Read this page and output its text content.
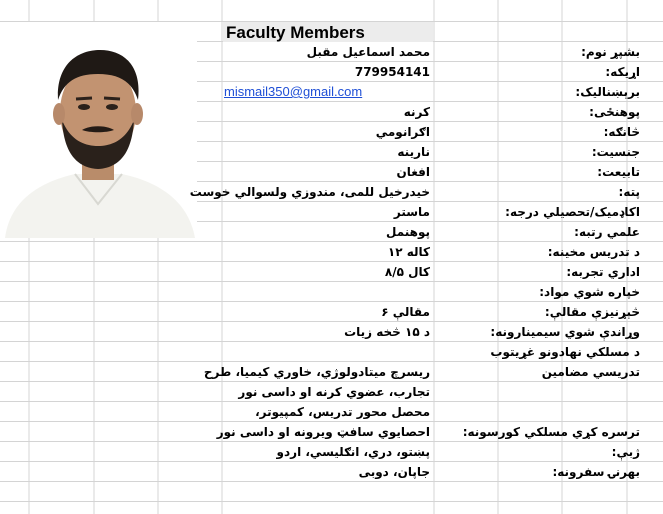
Faculty Members
بشپړ نوم:
محمد اسماعیل مقبل
اړیکه:
779954141
برېښنالیک:
mismail350@gmail.com
پوهنځی:
کرنه
څانګه:
اګرانومي
جنسیت:
نارینه
تابیعت:
افغان
پته:
خیدرخیل للمی، مندوزي ولسوالي خوست
اکاډمیک/تحصیلي درجه:
ماستر
علمي رتبه:
پوهنمل
د تدریس مخینه:
کاله ۱۲
اداري تجربه:
کال ۸/۵
خپاره شوي مواد:
څېړنیزې مقالې:
مقالې ۶
وړاندې شوي سیمینارونه:
د ۱۵ څخه زیات
د مسلکي نهادونو غړیتوب
تدریسي مضامین
ریسرچ میتادولوژي، خاوري کیمیا، طرح
تجارب، عضوي کرنه او داسی نور
محصل محور تدریس، کمپیوتر،
ترسره کړي مسلکي کورسونه:
احصایوي سافټ ویرونه او داسی نور
ژبې:
پښتو، دري، انګلیسي، اردو
بهرنۍ سفرونه:
جاپان، دوبی
